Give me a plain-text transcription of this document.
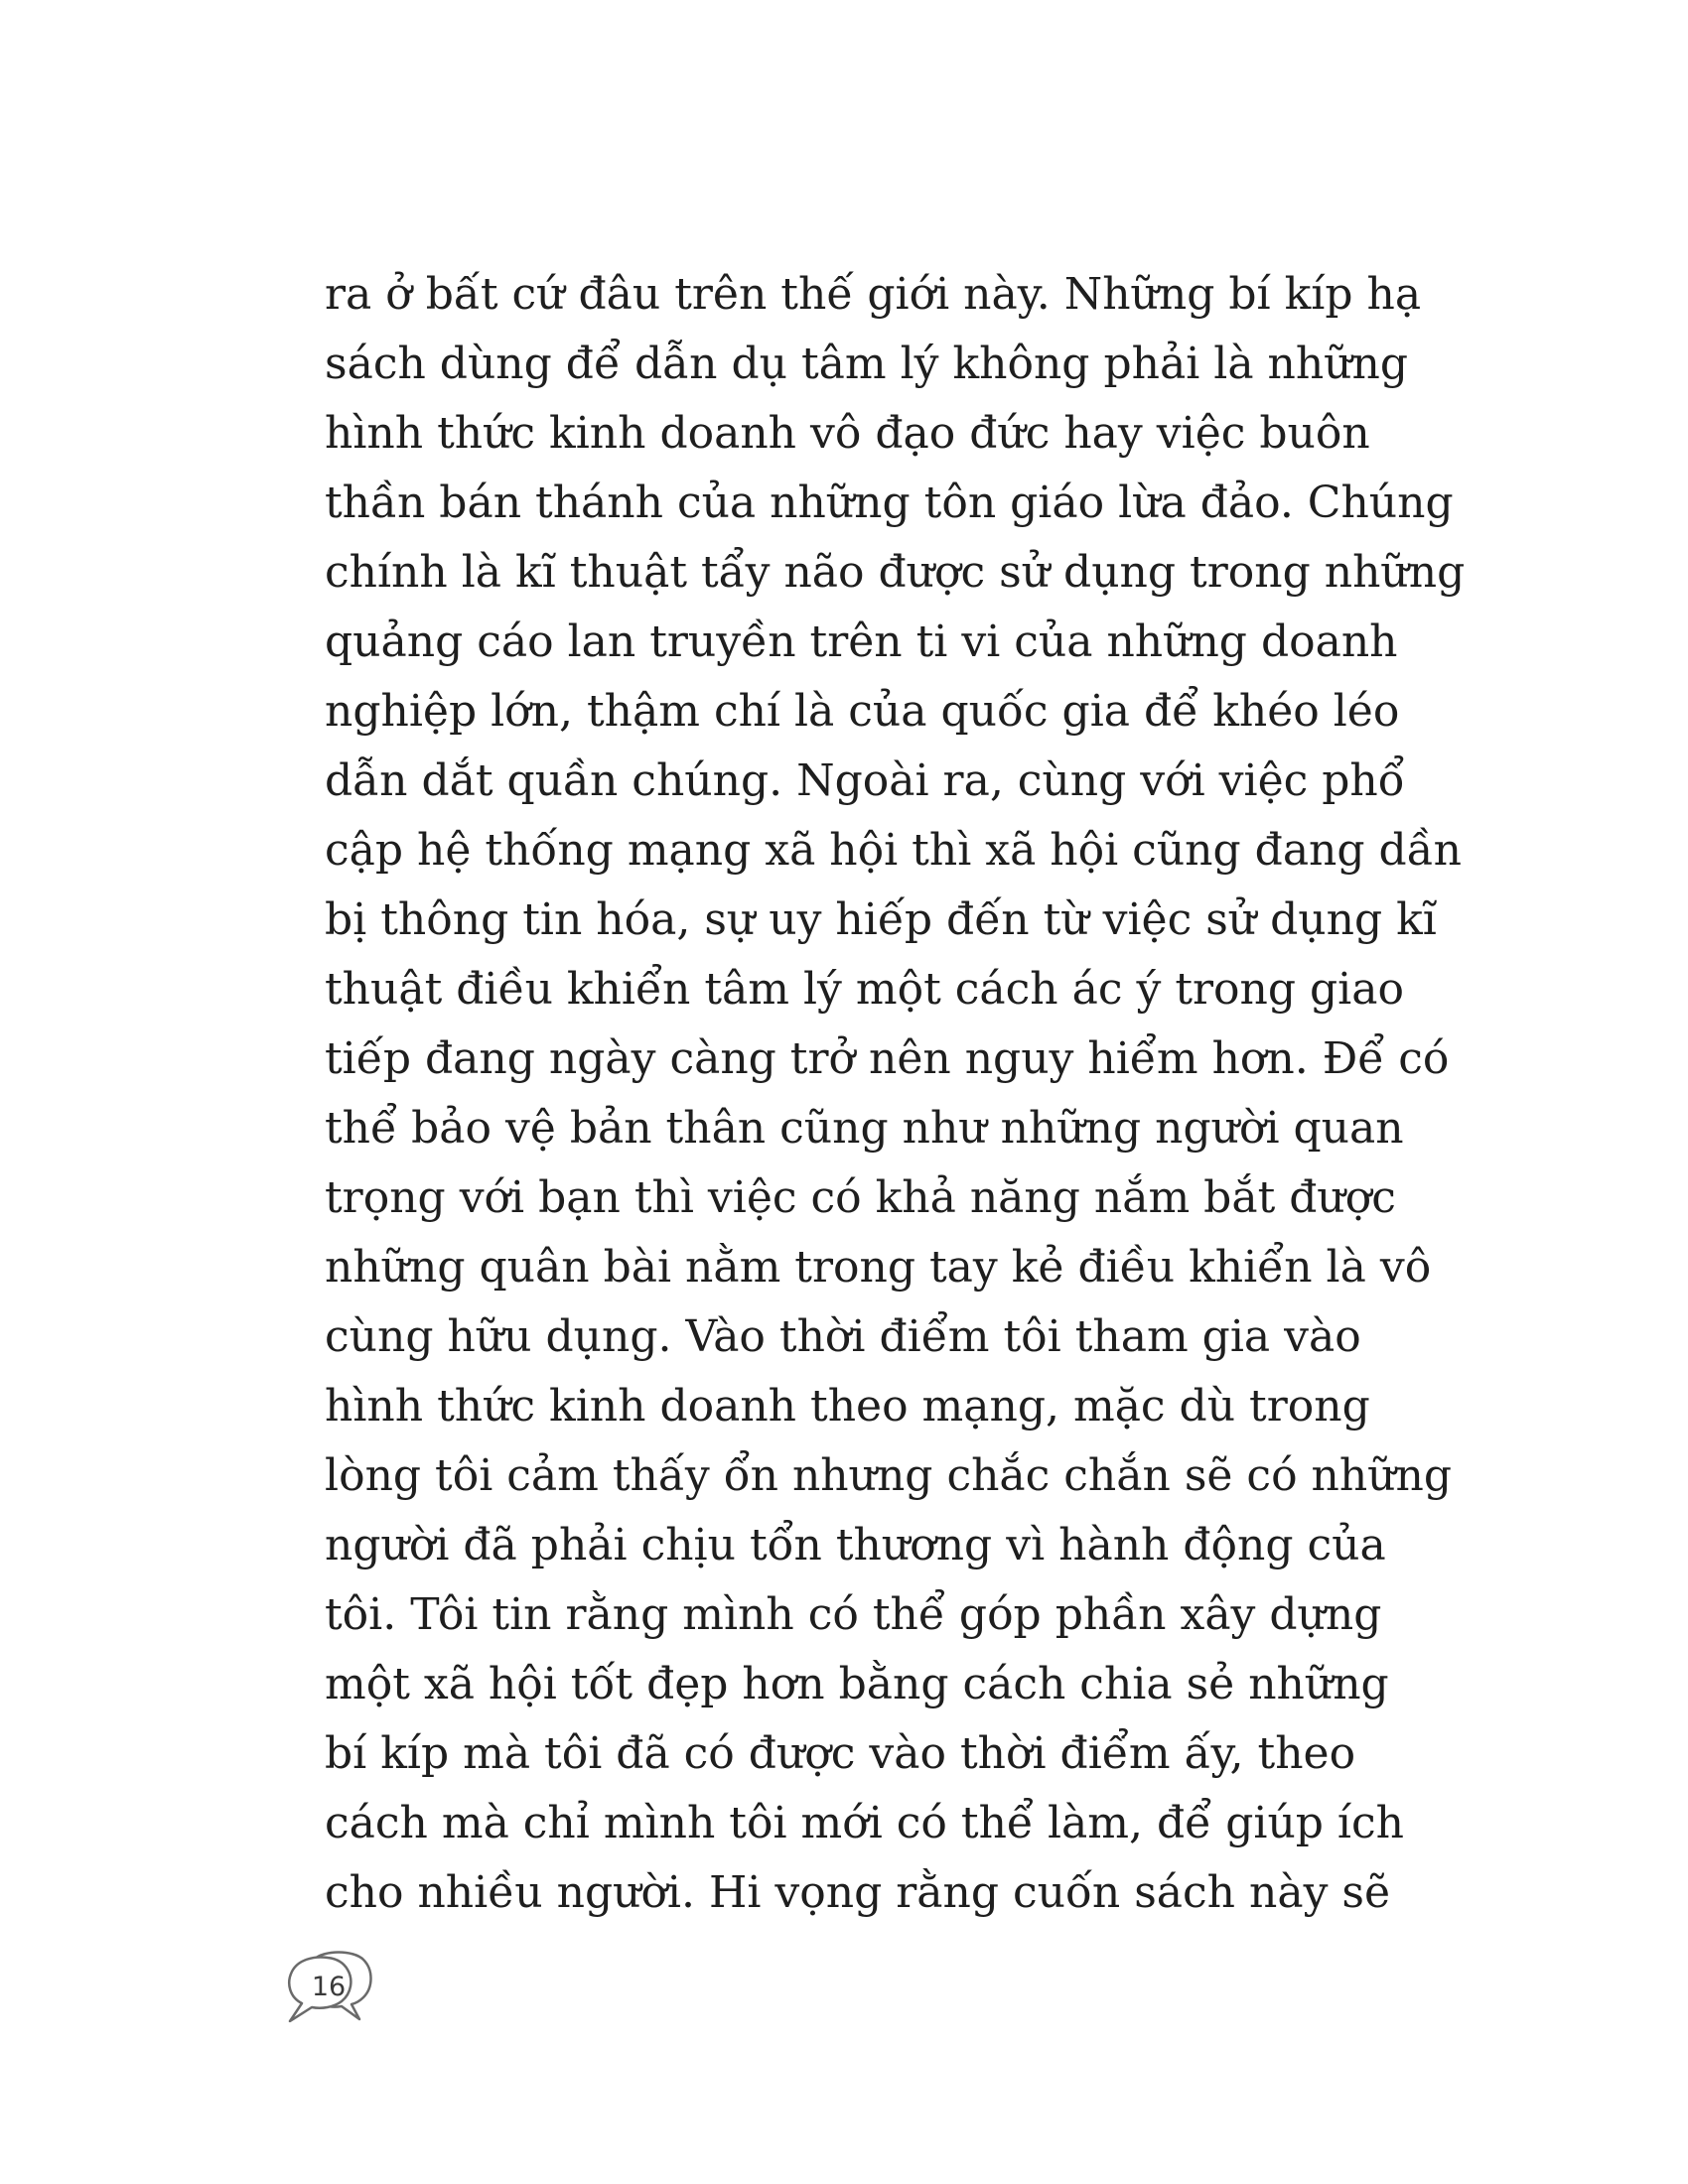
ra ở bất cứ đâu trên thế giới này. Những bí kíp hạ
sách dùng để dẫn dụ tâm lý không phải là những
hình thức kinh doanh vô đạo đức hay việc buôn
thần bán thánh của những tôn giáo lừa đảo. Chúng
chính là kĩ thuật tẩy não được sử dụng trong những
quảng cáo lan truyền trên ti vi của những doanh
nghiệp lớn, thậm chí là của quốc gia để khéo léo
dẫn dắt quần chúng. Ngoài ra, cùng với việc phổ
cập hệ thống mạng xã hội thì xã hội cũng đang dần
bị thông tin hóa, sự uy hiếp đến từ việc sử dụng kĩ
thuật điều khiển tâm lý một cách ác ý trong giao
tiếp đang ngày càng trở nên nguy hiểm hơn. Để có
thể bảo vệ bản thân cũng như những người quan
trọng với bạn thì việc có khả năng nắm bắt được
những quân bài nằm trong tay kẻ điều khiển là vô
cùng hữu dụng. Vào thời điểm tôi tham gia vào
hình thức kinh doanh theo mạng, mặc dù trong
lòng tôi cảm thấy ổn nhưng chắc chắn sẽ có những
người đã phải chịu tổn thương vì hành động của
tôi. Tôi tin rằng mình có thể góp phần xây dựng
một xã hội tốt đẹp hơn bằng cách chia sẻ những
bí kíp mà tôi đã có được vào thời điểm ấy, theo
cách mà chỉ mình tôi mới có thể làm, để giúp ích
cho nhiều người. Hi vọng rằng cuốn sách này sẽ
16
